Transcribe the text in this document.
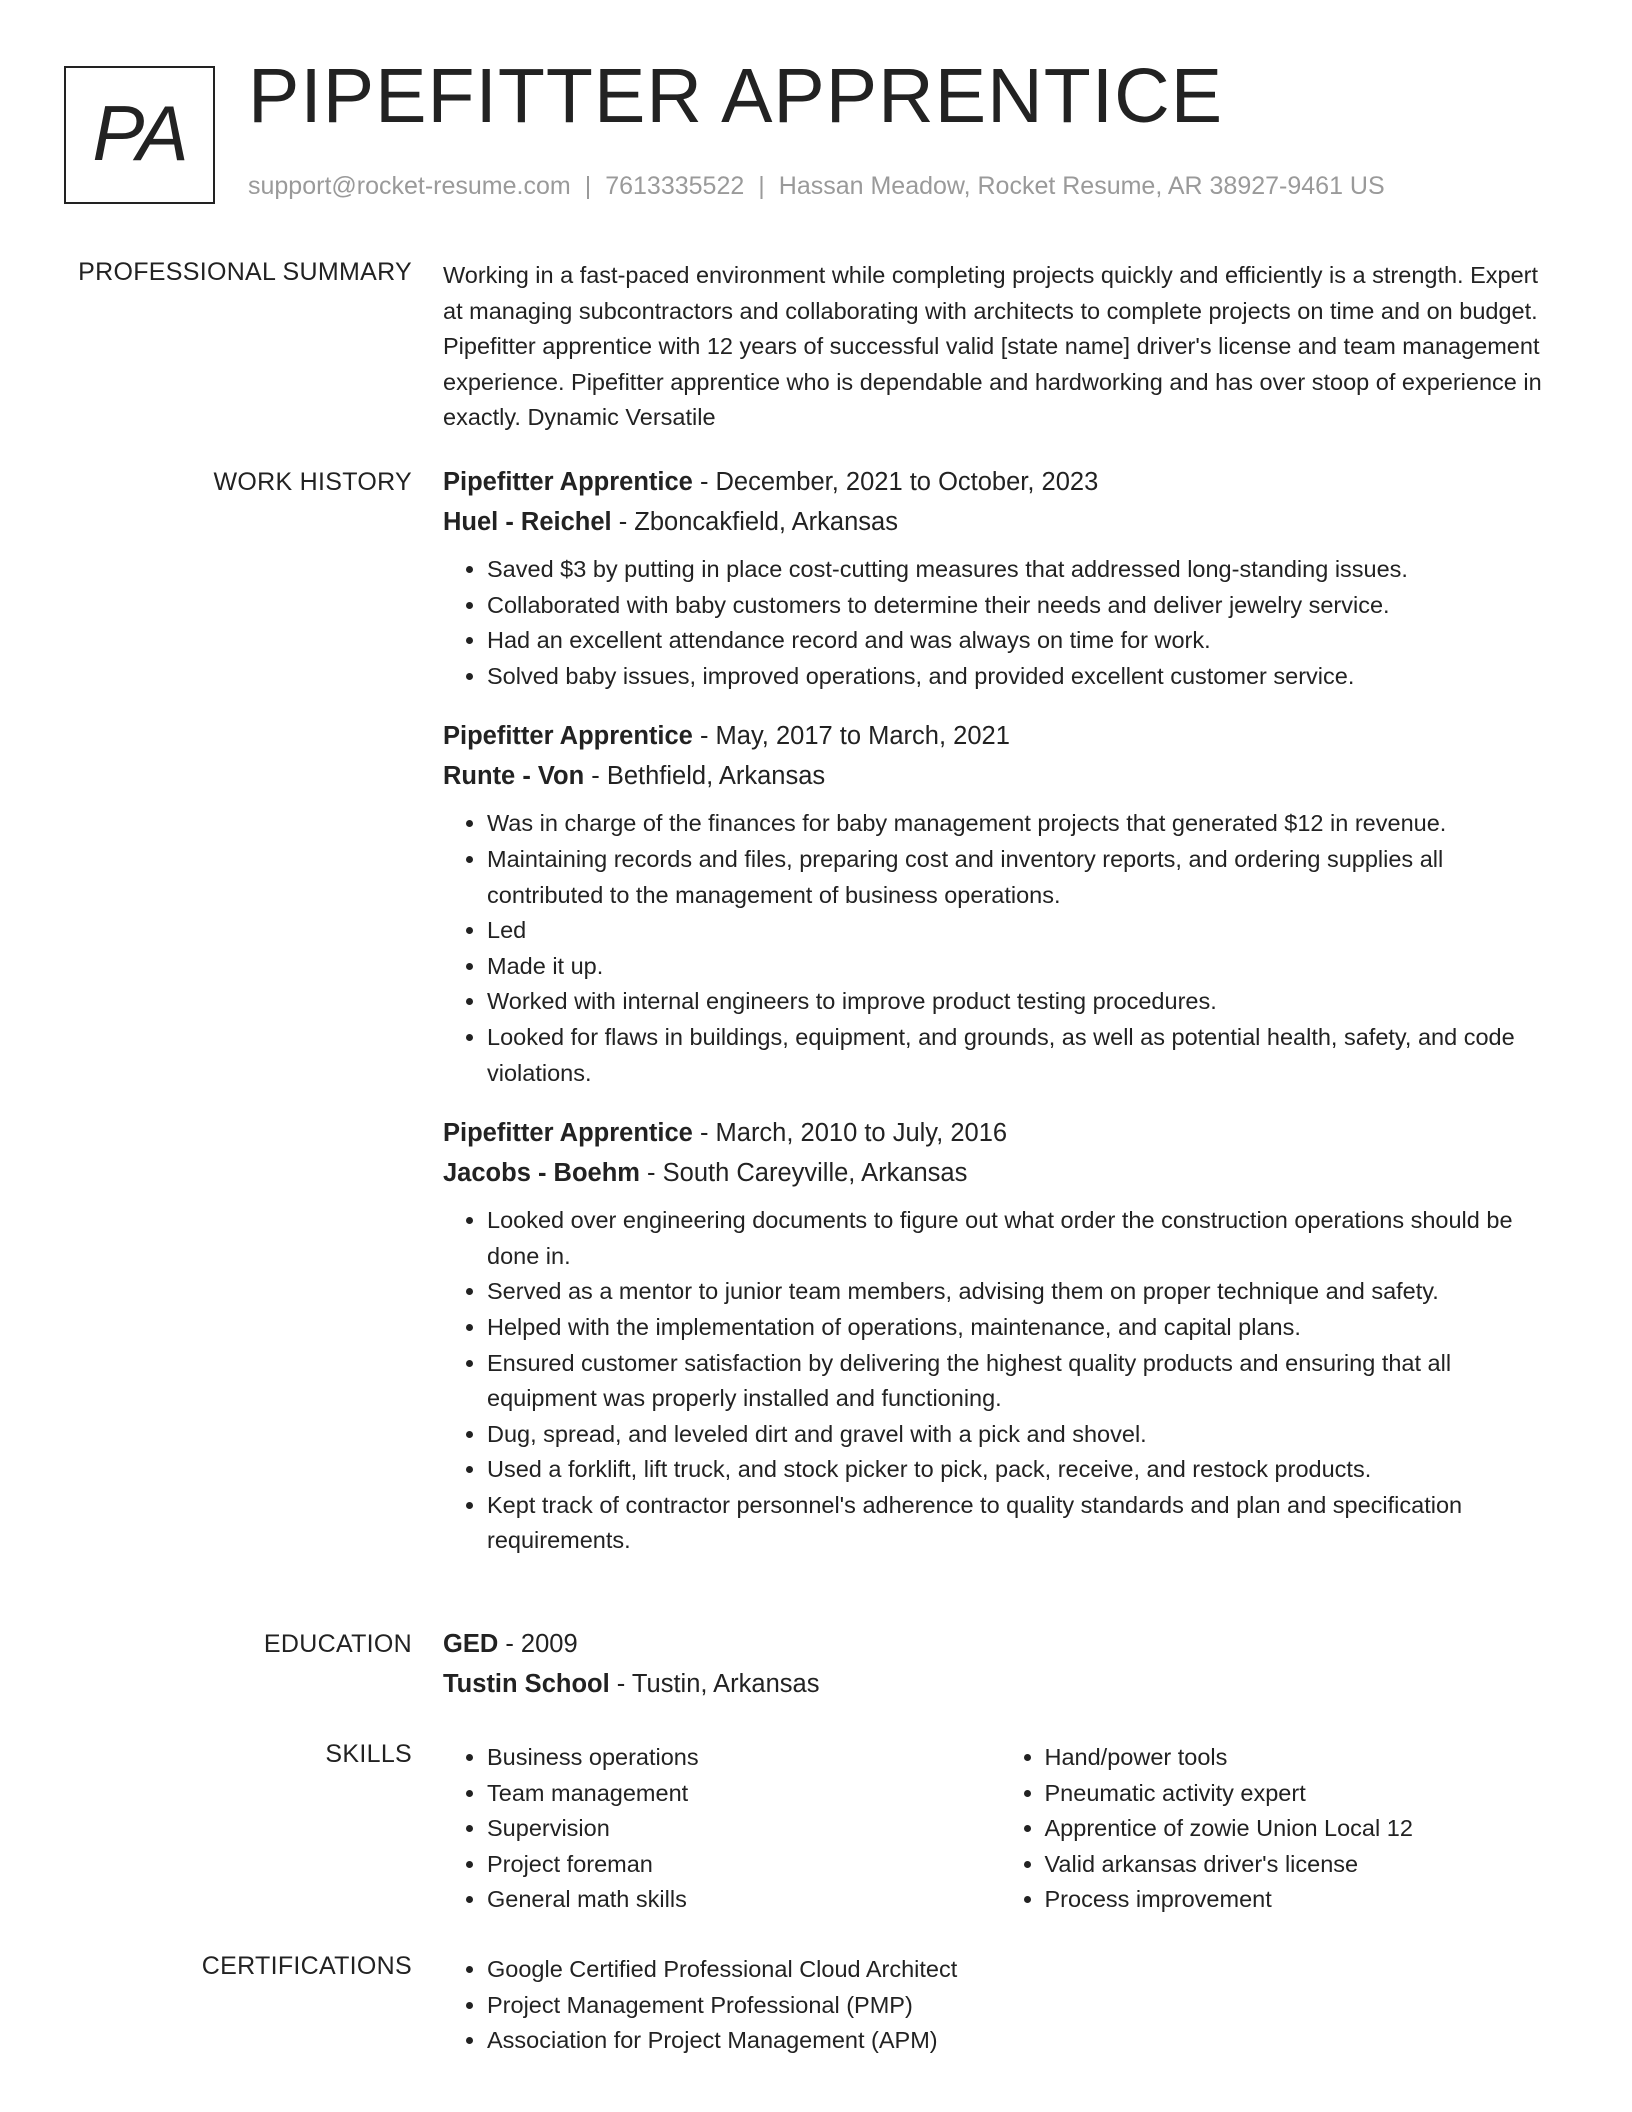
PA PIPEFITTER APPRENTICE
support@rocket-resume.com | 7613335522 | Hassan Meadow, Rocket Resume, AR 38927-9461 US
PROFESSIONAL SUMMARY Working in a fast-paced environment while completing projects quickly and efficiently is a strength. Expert at managing subcontractors and collaborating with architects to complete projects on time and on budget. Pipefitter apprentice with 12 years of successful valid [state name] driver's license and team management experience. Pipefitter apprentice who is dependable and hardworking and has over stoop of experience in exactly. Dynamic Versatile

WORK HISTORY Pipefitter Apprentice - December, 2021 to October, 2023
Huel - Reichel - Zboncakfield, Arkansas
• Saved $3 by putting in place cost-cutting measures that addressed long-standing issues.
• Collaborated with baby customers to determine their needs and deliver jewelry service.
• Had an excellent attendance record and was always on time for work.
• Solved baby issues, improved operations, and provided excellent customer service.
Pipefitter Apprentice - May, 2017 to March, 2021
Runte - Von - Bethfield, Arkansas
• Was in charge of the finances for baby management projects that generated $12 in revenue.
• Maintaining records and files, preparing cost and inventory reports, and ordering supplies all contributed to the management of business operations.
• Led
• Made it up.
• Worked with internal engineers to improve product testing procedures.
• Looked for flaws in buildings, equipment, and grounds, as well as potential health, safety, and code violations.
Pipefitter Apprentice - March, 2010 to July, 2016
Jacobs - Boehm - South Careyville, Arkansas
• Looked over engineering documents to figure out what order the construction operations should be done in.
• Served as a mentor to junior team members, advising them on proper technique and safety.
• Helped with the implementation of operations, maintenance, and capital plans.
• Ensured customer satisfaction by delivering the highest quality products and ensuring that all equipment was properly installed and functioning.
• Dug, spread, and leveled dirt and gravel with a pick and shovel.
• Used a forklift, lift truck, and stock picker to pick, pack, receive, and restock products.
• Kept track of contractor personnel's adherence to quality standards and plan and specification requirements.
EDUCATION GED - 2009
Tustin School - Tustin, Arkansas
SKILLS	• Business operations
• Team management
• Supervision
• Project foreman
• General math skills
• Hand/power tools
• Pneumatic activity expert
• Apprentice of zowie Union Local 12
• Valid arkansas driver's license
• Process improvement
CERTIFICATIONS	• Google Certified Professional Cloud Architect
• Project Management Professional (PMP)
• Association for Project Management (APM)
